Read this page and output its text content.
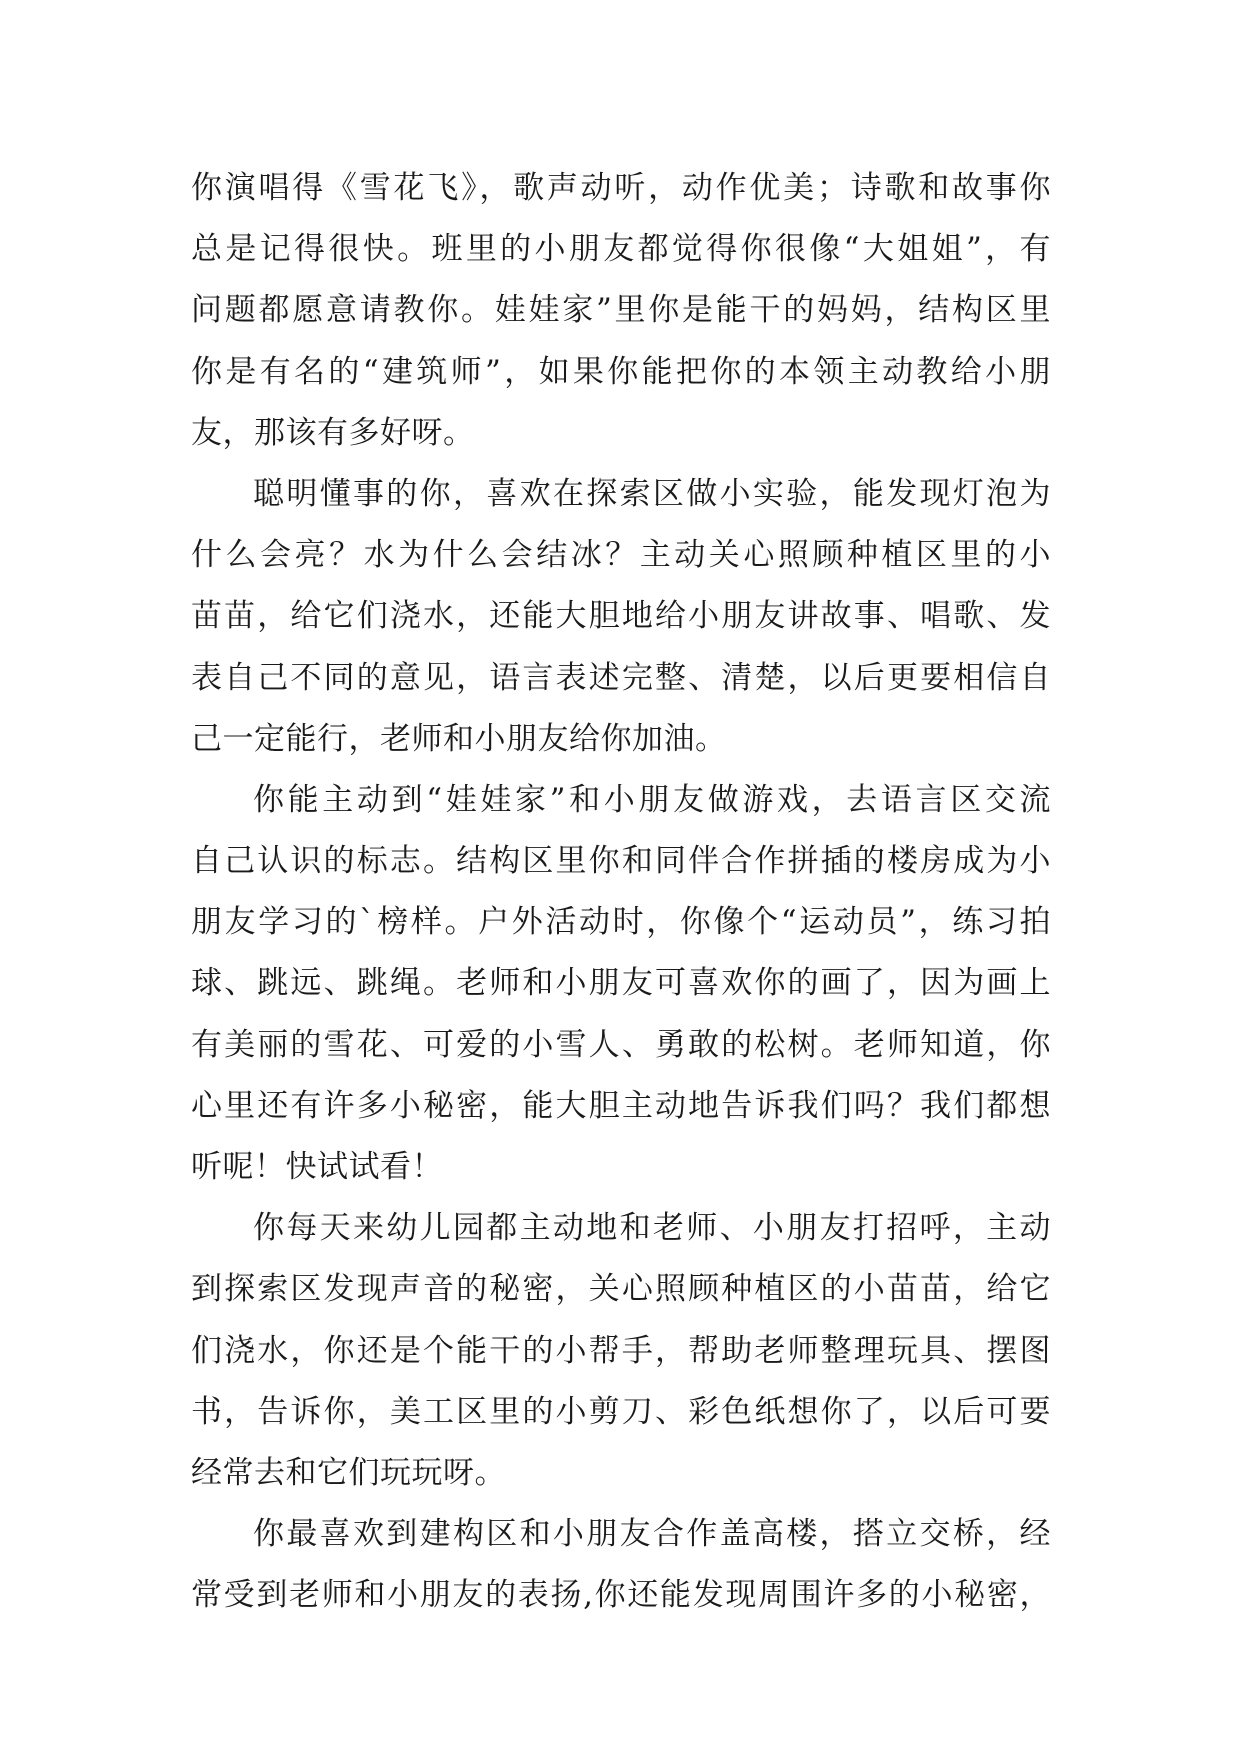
你演唱得《雪花飞》，歌声动听，动作优美；诗歌和故事你
总是记得很快。班里的小朋友都觉得你很像“大姐姐”，有
问题都愿意请教你。娃娃家”里你是能干的妈妈，结构区里
你是有名的“建筑师”，如果你能把你的本领主动教给小朋
友，那该有多好呀。
聪明懂事的你，喜欢在探索区做小实验，能发现灯泡为
什么会亮？水为什么会结冰？主动关心照顾种植区里的小
苗苗，给它们浇水，还能大胆地给小朋友讲故事、唱歌、发
表自己不同的意见，语言表述完整、清楚，以后更要相信自
己一定能行，老师和小朋友给你加油。
你能主动到“娃娃家”和小朋友做游戏，去语言区交流
自己认识的标志。结构区里你和同伴合作拼插的楼房成为小
朋友学习的`榜样。户外活动时，你像个“运动员”，练习拍
球、跳远、跳绳。老师和小朋友可喜欢你的画了，因为画上
有美丽的雪花、可爱的小雪人、勇敢的松树。老师知道，你
心里还有许多小秘密，能大胆主动地告诉我们吗？我们都想
听呢！快试试看！
你每天来幼儿园都主动地和老师、小朋友打招呼，主动
到探索区发现声音的秘密，关心照顾种植区的小苗苗，给它
们浇水，你还是个能干的小帮手，帮助老师整理玩具、摆图
书，告诉你，美工区里的小剪刀、彩色纸想你了，以后可要
经常去和它们玩玩呀。
你最喜欢到建构区和小朋友合作盖高楼，搭立交桥，经
常受到老师和小朋友的表扬,你还能发现周围许多的小秘密，
